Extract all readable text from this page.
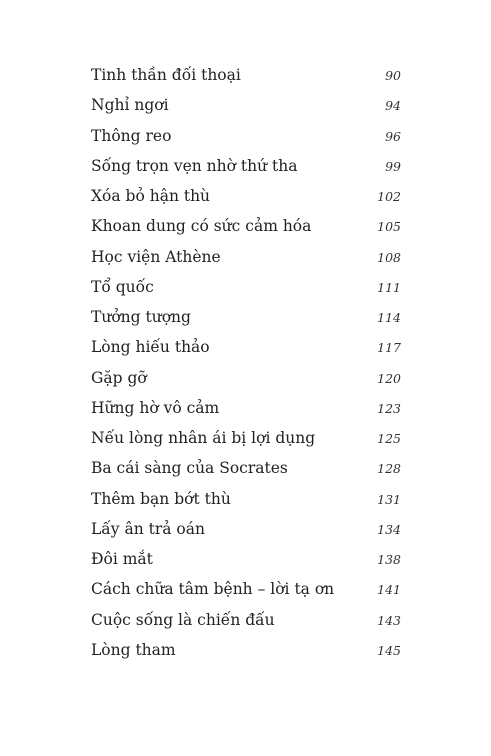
Tinh thần đối thoại	90
Nghỉ ngơi	94
Thông reo	96
Sống trọn vẹn nhờ thứ tha	99
Xóa bỏ hận thù	102
Khoan dung có sức cảm hóa	105
Học viện Athène	108
Tổ quốc	111
Tưởng tượng	114
Lòng hiếu thảo	117
Gặp gỡ	120
Hững hờ vô cảm	123
Nếu lòng nhân ái bị lợi dụng	125
Ba cái sàng của Socrates	128
Thêm bạn bớt thù	131
Lấy ân trả oán	134
Đôi mắt	138
Cách chữa tâm bệnh – lời tạ ơn	141
Cuộc sống là chiến đấu	143
Lòng tham	145
